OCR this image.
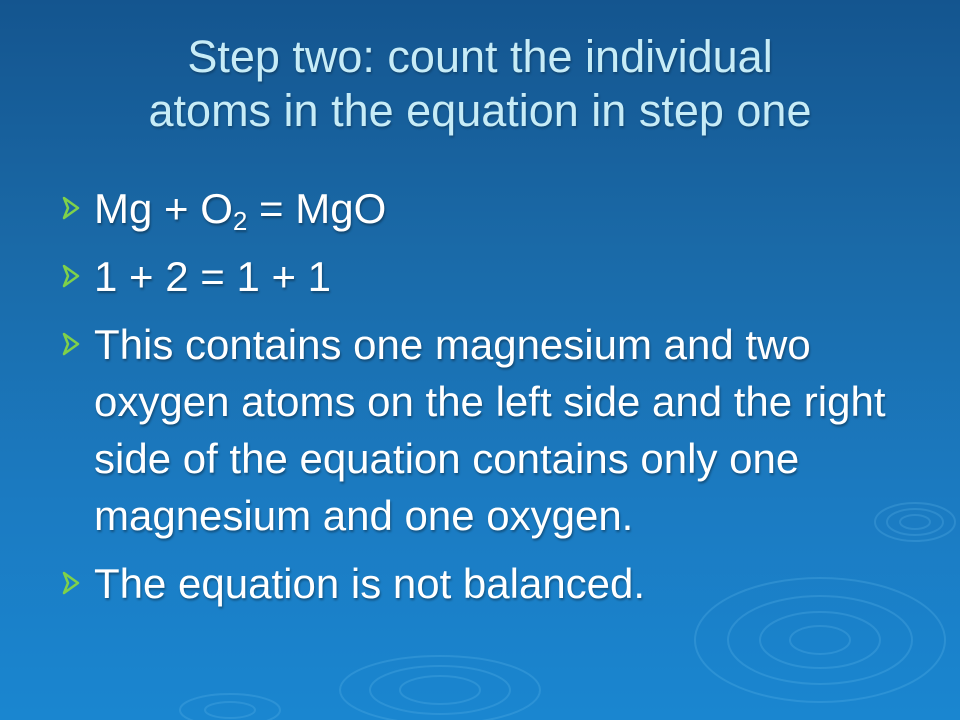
Step two: count the individual
atoms in the equation in step one
$Mg + O_2$ = MgO
1 + 2 = 1 + 1
This contains one magnesium and two oxygen atoms on the left side and the right side of the equation contains only one magnesium and one oxygen.
The equation is not balanced.
